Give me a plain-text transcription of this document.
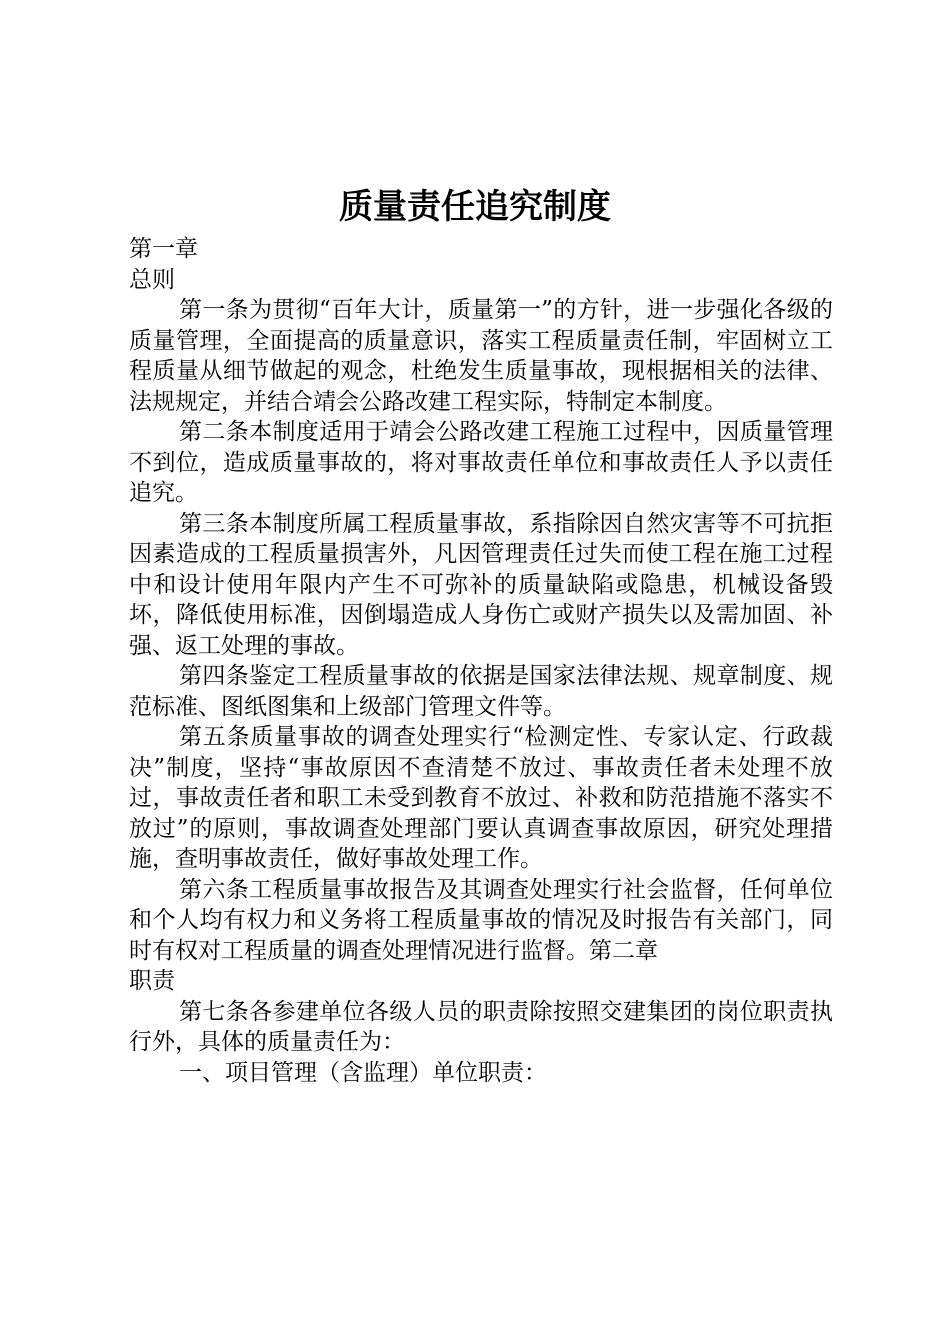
质量责任追究制度

第一章

总则

第一条为贯彻“百年大计，质量第一”的方针，进一步强化各级的质量管理，全面提高的质量意识，落实工程质量责任制，牢固树立工程质量从细节做起的观念，杜绝发生质量事故，现根据相关的法律、法规规定，并结合靖会公路改建工程实际，特制定本制度。

第二条本制度适用于靖会公路改建工程施工过程中，因质量管理不到位，造成质量事故的，将对事故责任单位和事故责任人予以责任追究。

第三条本制度所属工程质量事故，系指除因自然灾害等不可抗拒因素造成的工程质量损害外，凡因管理责任过失而使工程在施工过程中和设计使用年限内产生不可弥补的质量缺陷或隐患，机械设备毁坏，降低使用标准，因倒塌造成人身伤亡或财产损失以及需加固、补强、返工处理的事故。

第四条鉴定工程质量事故的依据是国家法律法规、规章制度、规范标准、图纸图集和上级部门管理文件等。

第五条质量事故的调查处理实行“检测定性、专家认定、行政裁决”制度，坚持“事故原因不查清楚不放过、事故责任者未处理不放过，事故责任者和职工未受到教育不放过、补救和防范措施不落实不放过”的原则，事故调查处理部门要认真调查事故原因，研究处理措施，查明事故责任，做好事故处理工作。

第六条工程质量事故报告及其调查处理实行社会监督，任何单位和个人均有权力和义务将工程质量事故的情况及时报告有关部门，同时有权对工程质量的调查处理情况进行监督。第二章

职责

第七条各参建单位各级人员的职责除按照交建集团的岗位职责执行外，具体的质量责任为：

一、项目管理（含监理）单位职责：
